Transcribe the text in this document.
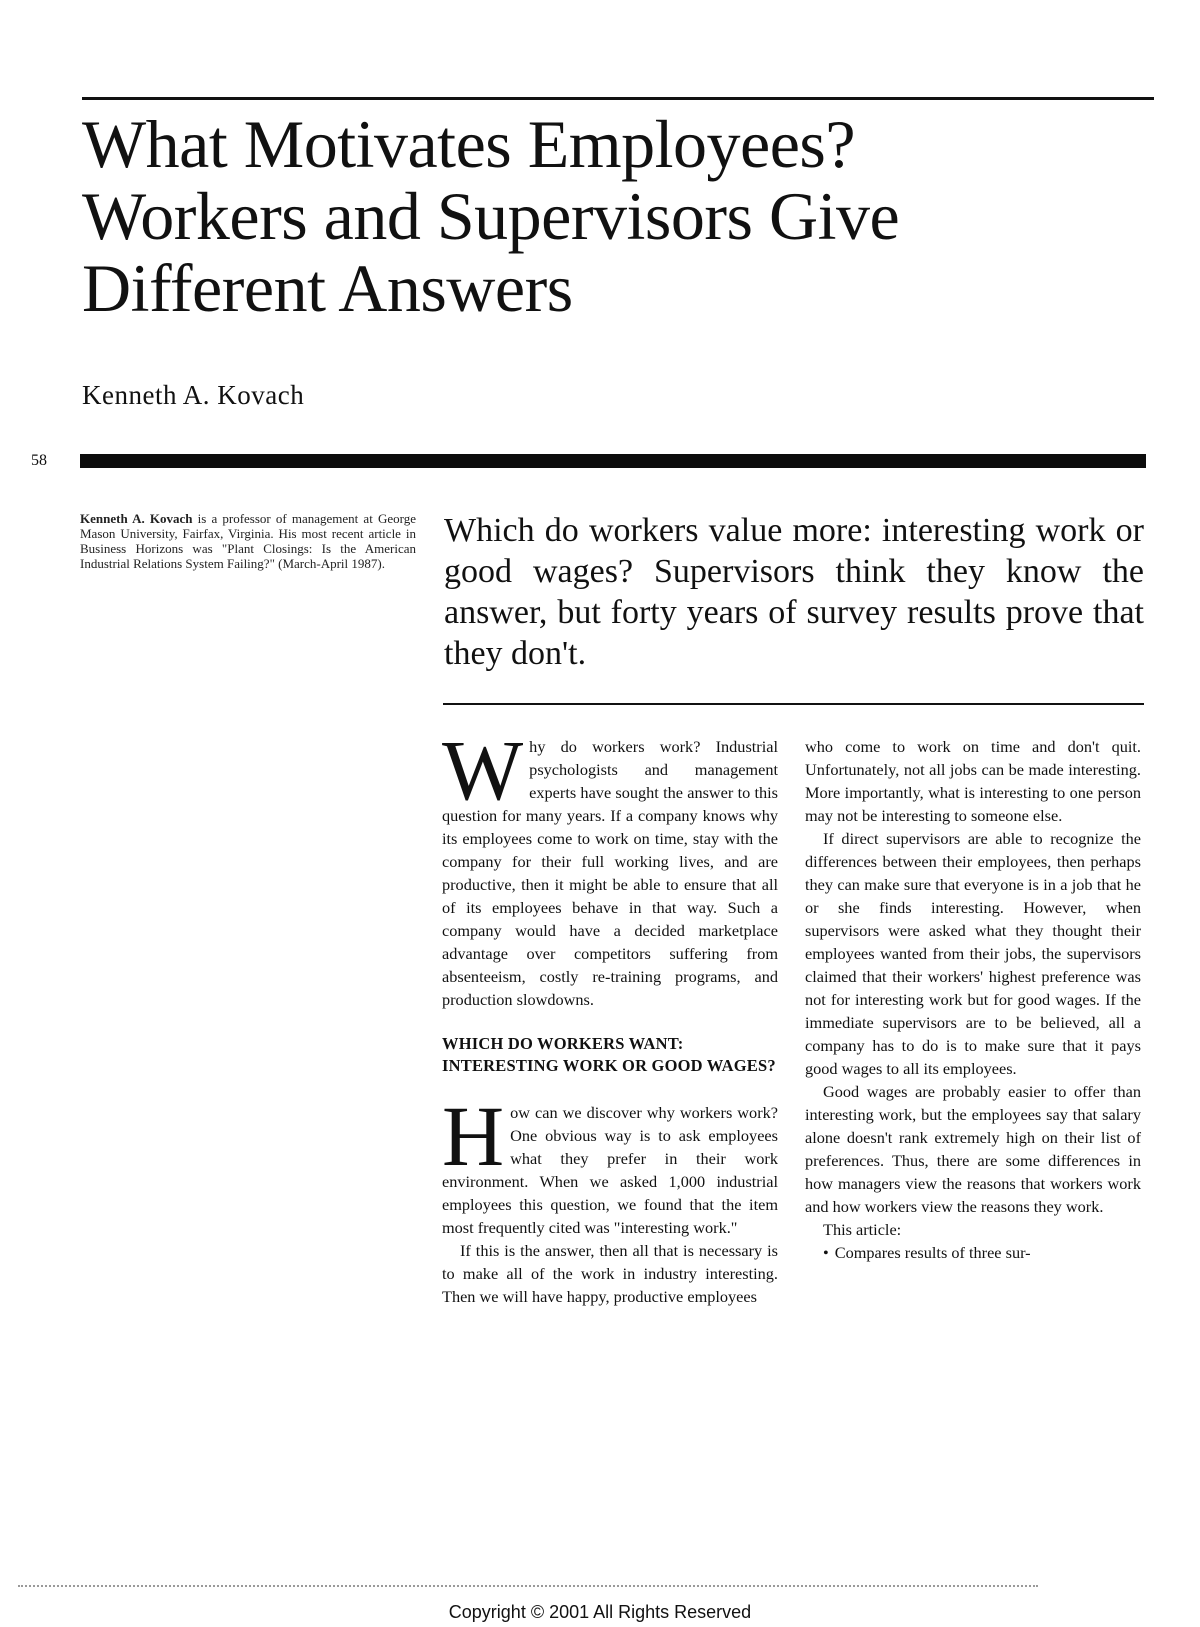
What Motivates Employees?
Workers and Supervisors Give
Different Answers
Kenneth A. Kovach
58
Kenneth A. Kovach is a professor of management at George Mason University, Fairfax, Virginia. His most recent article in Business Horizons was "Plant Closings: Is the American Industrial Relations System Failing?" (March-April 1987).
Which do workers value more: interesting work or good wages? Supervisors think they know the answer, but forty years of survey results prove that they don't.

Why do workers work? Industrial psychologists and management experts have sought the answer to this question for many years. If a company knows why its employees come to work on time, stay with the company for their full working lives, and are productive, then it might be able to ensure that all of its employees behave in that way. Such a company would have a decided marketplace advantage over competitors suffering from absenteeism, costly re-training programs, and production slowdowns.

WHICH DO WORKERS WANT: INTERESTING WORK OR GOOD WAGES?

How can we discover why workers work? One obvious way is to ask employees what they prefer in their work environment. When we asked 1,000 industrial employees this question, we found that the item most frequently cited was "interesting work."

If this is the answer, then all that is necessary is to make all of the work in industry interesting. Then we will have happy, productive employees

who come to work on time and don't quit. Unfortunately, not all jobs can be made interesting. More importantly, what is interesting to one person may not be interesting to someone else.

If direct supervisors are able to recognize the differences between their employees, then perhaps they can make sure that everyone is in a job that he or she finds interesting. However, when supervisors were asked what they thought their employees wanted from their jobs, the supervisors claimed that their workers' highest preference was not for interesting work but for good wages. If the immediate supervisors are to be believed, all a company has to do is to make sure that it pays good wages to all its employees.

Good wages are probably easier to offer than interesting work, but the employees say that salary alone doesn't rank extremely high on their list of preferences. Thus, there are some differences in how managers view the reasons that workers work and how workers view the reasons they work.

This article:

• Compares results of three sur-

Copyright © 2001 All Rights Reserved
